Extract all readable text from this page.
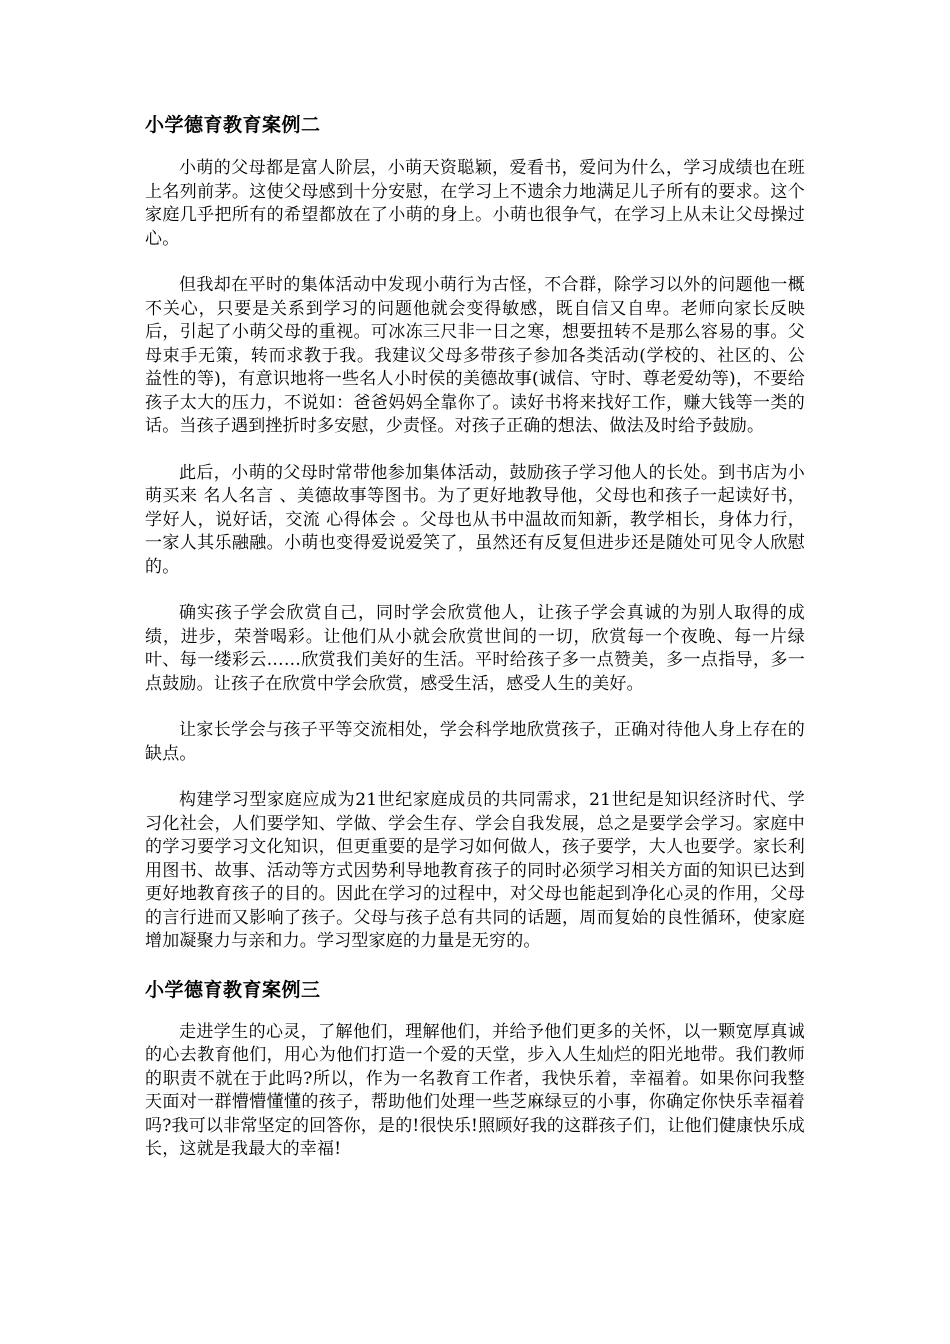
小学德育教育案例二

小萌的父母都是富人阶层，小萌天资聪颖，爱看书，爱问为什么，学习成绩也在班上名列前茅。这使父母感到十分安慰，在学习上不遗余力地满足儿子所有的要求。这个家庭几乎把所有的希望都放在了小萌的身上。小萌也很争气，在学习上从未让父母操过心。

但我却在平时的集体活动中发现小萌行为古怪，不合群，除学习以外的问题他一概不关心，只要是关系到学习的问题他就会变得敏感，既自信又自卑。老师向家长反映后，引起了小萌父母的重视。可冰冻三尺非一日之寒，想要扭转不是那么容易的事。父母束手无策，转而求教于我。我建议父母多带孩子参加各类活动(学校的、社区的、公益性的等)，有意识地将一些名人小时侯的美德故事(诚信、守时、尊老爱幼等)，不要给孩子太大的压力，不说如：爸爸妈妈全靠你了。读好书将来找好工作，赚大钱等一类的话。当孩子遇到挫折时多安慰，少责怪。对孩子正确的想法、做法及时给予鼓励。

此后，小萌的父母时常带他参加集体活动，鼓励孩子学习他人的长处。到书店为小萌买来 名人名言 、美德故事等图书。为了更好地教导他，父母也和孩子一起读好书，学好人，说好话，交流 心得体会 。父母也从书中温故而知新，教学相长，身体力行，一家人其乐融融。小萌也变得爱说爱笑了，虽然还有反复但进步还是随处可见令人欣慰的。

确实孩子学会欣赏自己，同时学会欣赏他人，让孩子学会真诚的为别人取得的成绩，进步，荣誉喝彩。让他们从小就会欣赏世间的一切，欣赏每一个夜晚、每一片绿叶、每一缕彩云……欣赏我们美好的生活。平时给孩子多一点赞美，多一点指导，多一点鼓励。让孩子在欣赏中学会欣赏，感受生活，感受人生的美好。

让家长学会与孩子平等交流相处，学会科学地欣赏孩子，正确对待他人身上存在的缺点。

构建学习型家庭应成为21世纪家庭成员的共同需求，21世纪是知识经济时代、学习化社会，人们要学知、学做、学会生存、学会自我发展，总之是要学会学习。家庭中的学习要学习文化知识，但更重要的是学习如何做人，孩子要学，大人也要学。家长利用图书、故事、活动等方式因势利导地教育孩子的同时必须学习相关方面的知识已达到更好地教育孩子的目的。因此在学习的过程中，对父母也能起到净化心灵的作用，父母的言行进而又影响了孩子。父母与孩子总有共同的话题，周而复始的良性循环，使家庭增加凝聚力与亲和力。学习型家庭的力量是无穷的。

小学德育教育案例三

走进学生的心灵，了解他们，理解他们，并给予他们更多的关怀，以一颗宽厚真诚的心去教育他们，用心为他们打造一个爱的天堂，步入人生灿烂的阳光地带。我们教师的职责不就在于此吗?所以，作为一名教育工作者，我快乐着，幸福着。如果你问我整天面对一群懵懵懂懂的孩子，帮助他们处理一些芝麻绿豆的小事，你确定你快乐幸福着吗?我可以非常坚定的回答你，是的!很快乐!照顾好我的这群孩子们，让他们健康快乐成长，这就是我最大的幸福!
